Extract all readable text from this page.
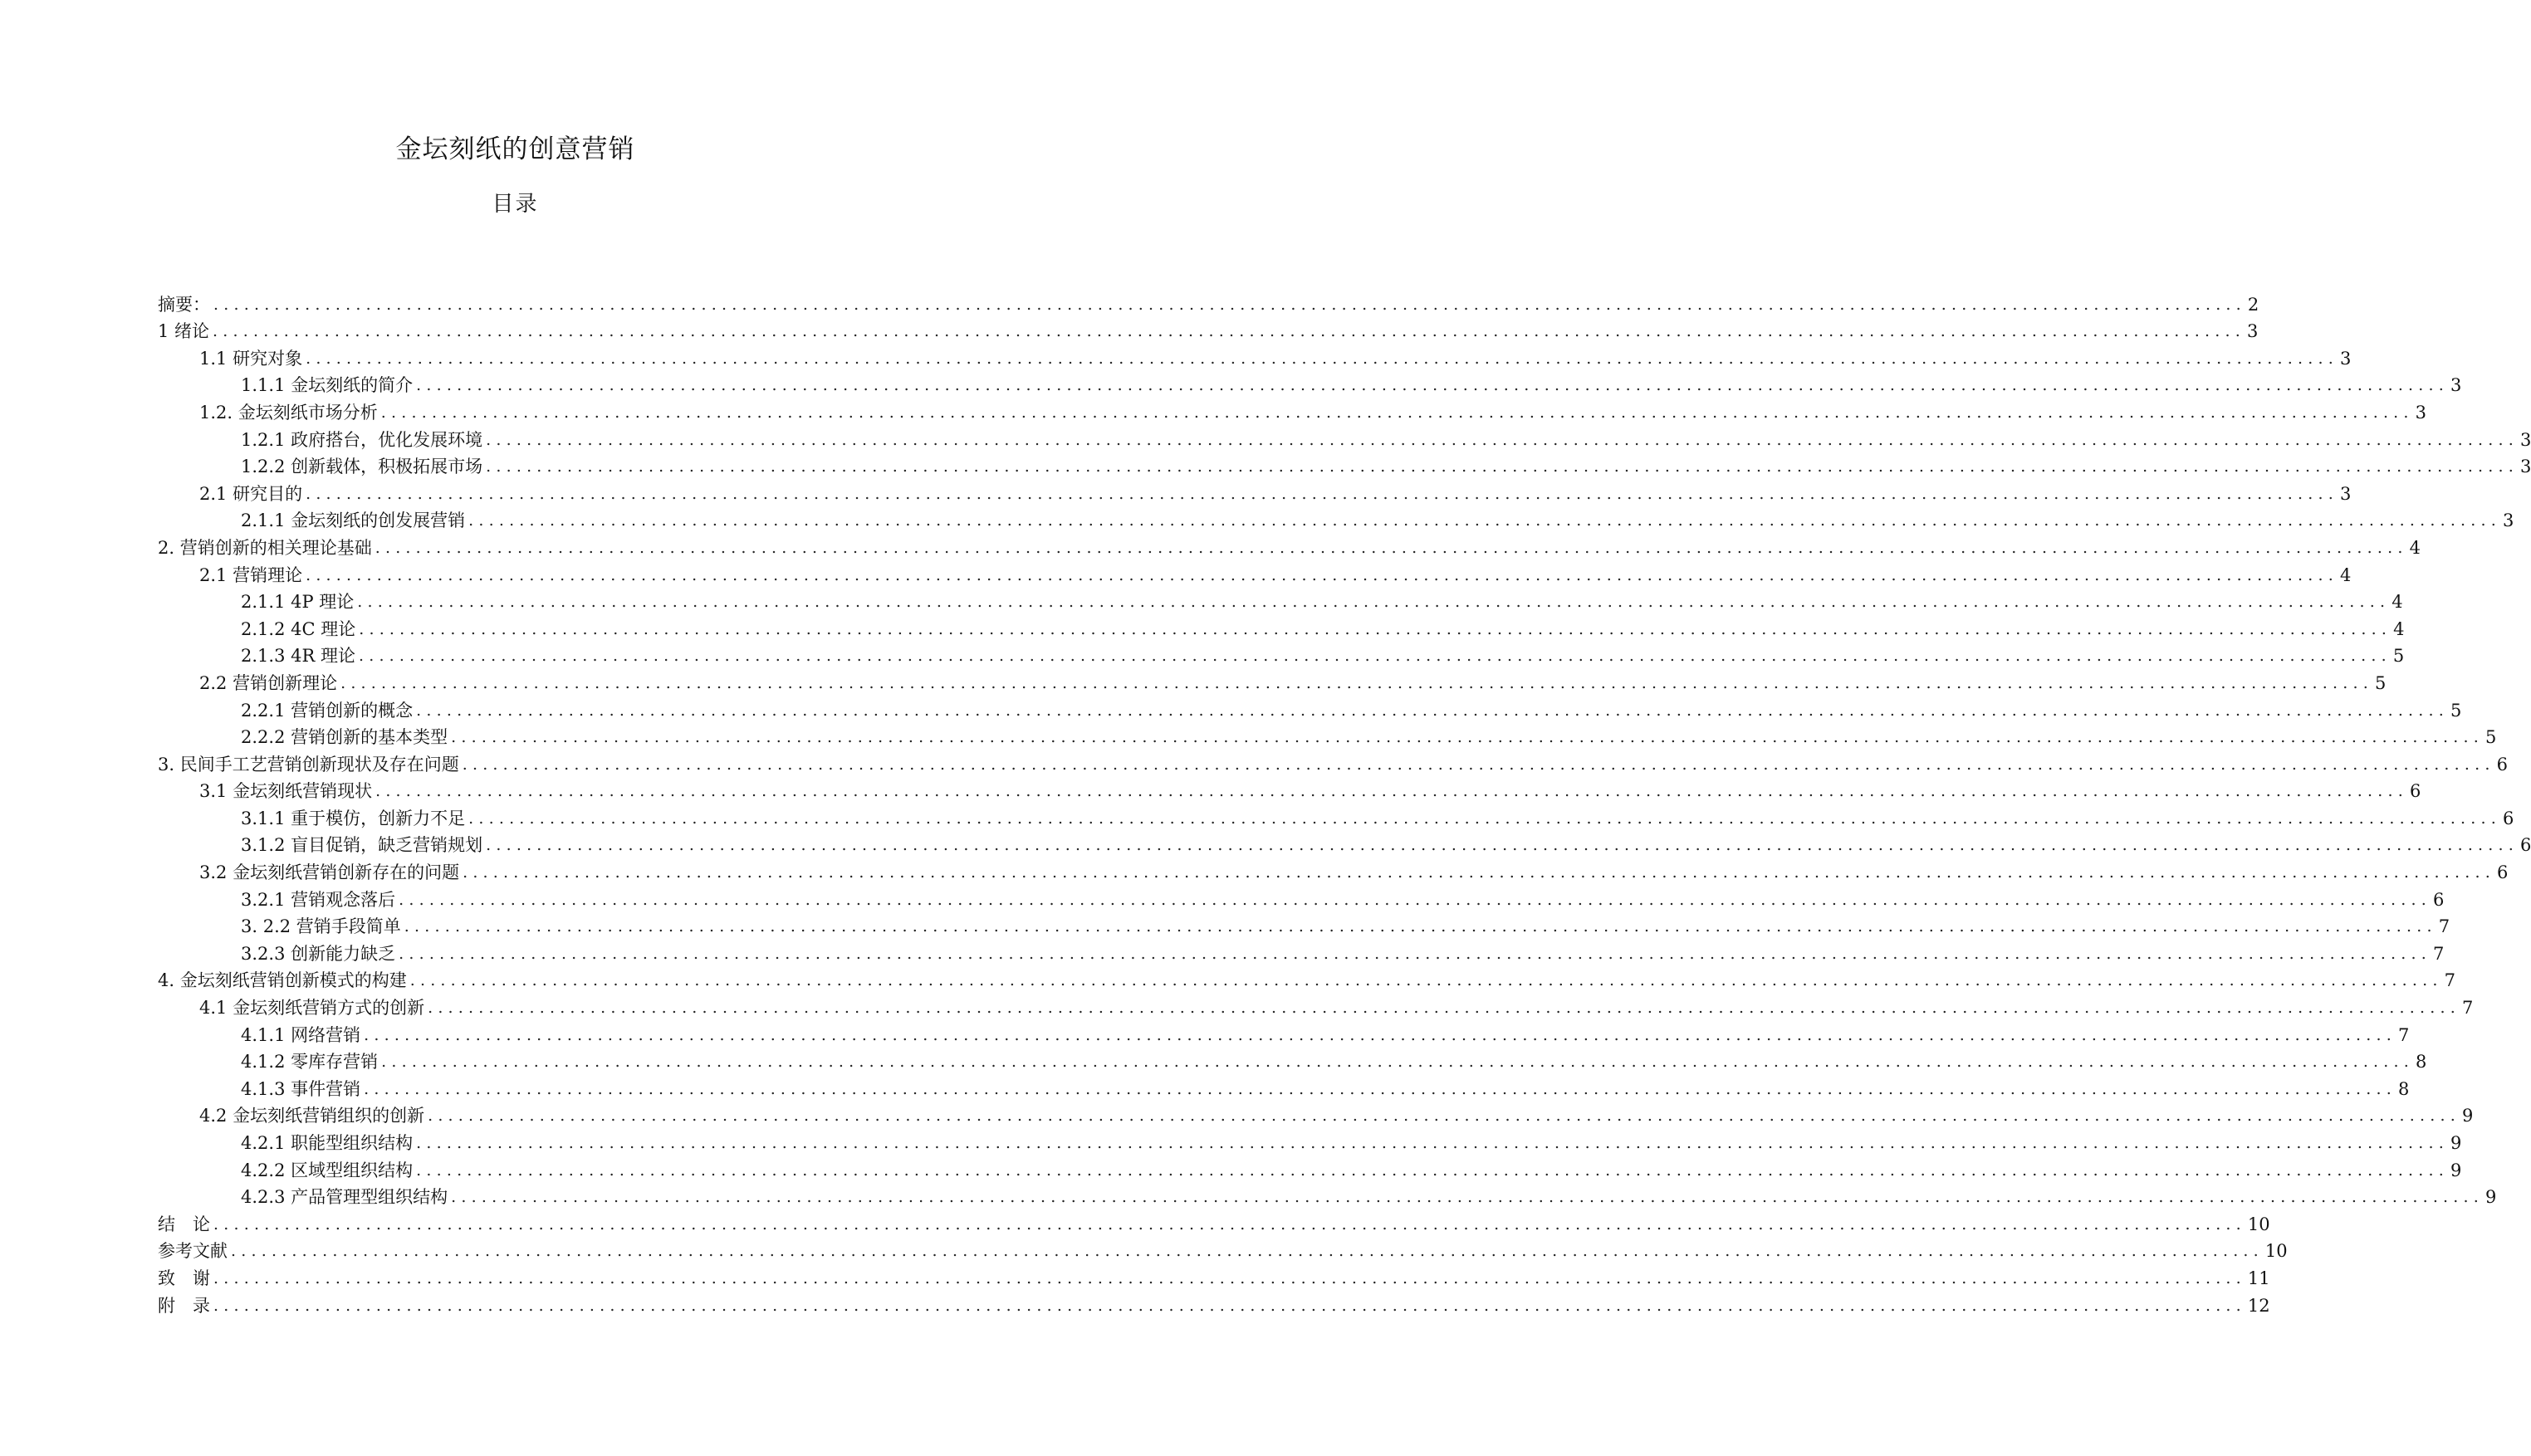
金坛刻纸的创意营销
目录
摘要： ........................................................................................................................................................................................................ 2
1 绪论 ........................................................................................................................................................................................................ 3
1.1 研究对象 ........................................................................................................................................................................................................ 3
1.1.1 金坛刻纸的简介 ........................................................................................................................................................................................................ 3
1.2. 金坛刻纸市场分析 ........................................................................................................................................................................................................ 3
1.2.1 政府搭台，优化发展环境 ........................................................................................................................................................................................................ 3
1.2.2 创新载体，积极拓展市场 ........................................................................................................................................................................................................ 3
2.1 研究目的 ........................................................................................................................................................................................................ 3
2.1.1 金坛刻纸的创发展营销 ........................................................................................................................................................................................................ 3
2. 营销创新的相关理论基础 ........................................................................................................................................................................................................ 4
2.1 营销理论 ........................................................................................................................................................................................................ 4
2.1.1 4P 理论 ........................................................................................................................................................................................................ 4
2.1.2 4C 理论 ........................................................................................................................................................................................................ 4
2.1.3 4R 理论 ........................................................................................................................................................................................................ 5
2.2 营销创新理论 ........................................................................................................................................................................................................ 5
2.2.1 营销创新的概念 ........................................................................................................................................................................................................ 5
2.2.2 营销创新的基本类型 ........................................................................................................................................................................................................ 5
3. 民间手工艺营销创新现状及存在问题 ........................................................................................................................................................................................................ 6
3.1 金坛刻纸营销现状 ........................................................................................................................................................................................................ 6
3.1.1 重于模仿，创新力不足 ........................................................................................................................................................................................................ 6
3.1.2 盲目促销，缺乏营销规划 ........................................................................................................................................................................................................ 6
3.2 金坛刻纸营销创新存在的问题 ........................................................................................................................................................................................................ 6
3.2.1 营销观念落后 ........................................................................................................................................................................................................ 6
3. 2.2 营销手段简单 ........................................................................................................................................................................................................ 7
3.2.3 创新能力缺乏 ........................................................................................................................................................................................................ 7
4. 金坛刻纸营销创新模式的构建 ........................................................................................................................................................................................................ 7
4.1 金坛刻纸营销方式的创新 ........................................................................................................................................................................................................ 7
4.1.1 网络营销 ........................................................................................................................................................................................................ 7
4.1.2 零库存营销 ........................................................................................................................................................................................................ 8
4.1.3 事件营销 ........................................................................................................................................................................................................ 8
4.2 金坛刻纸营销组织的创新 ........................................................................................................................................................................................................ 9
4.2.1 职能型组织结构 ........................................................................................................................................................................................................ 9
4.2.2 区域型组织结构 ........................................................................................................................................................................................................ 9
4.2.3 产品管理型组织结构 ........................................................................................................................................................................................................ 9
结　论 ........................................................................................................................................................................................................ 10
参考文献 ........................................................................................................................................................................................................ 10
致　谢 ........................................................................................................................................................................................................ 11
附　录 ........................................................................................................................................................................................................ 12
